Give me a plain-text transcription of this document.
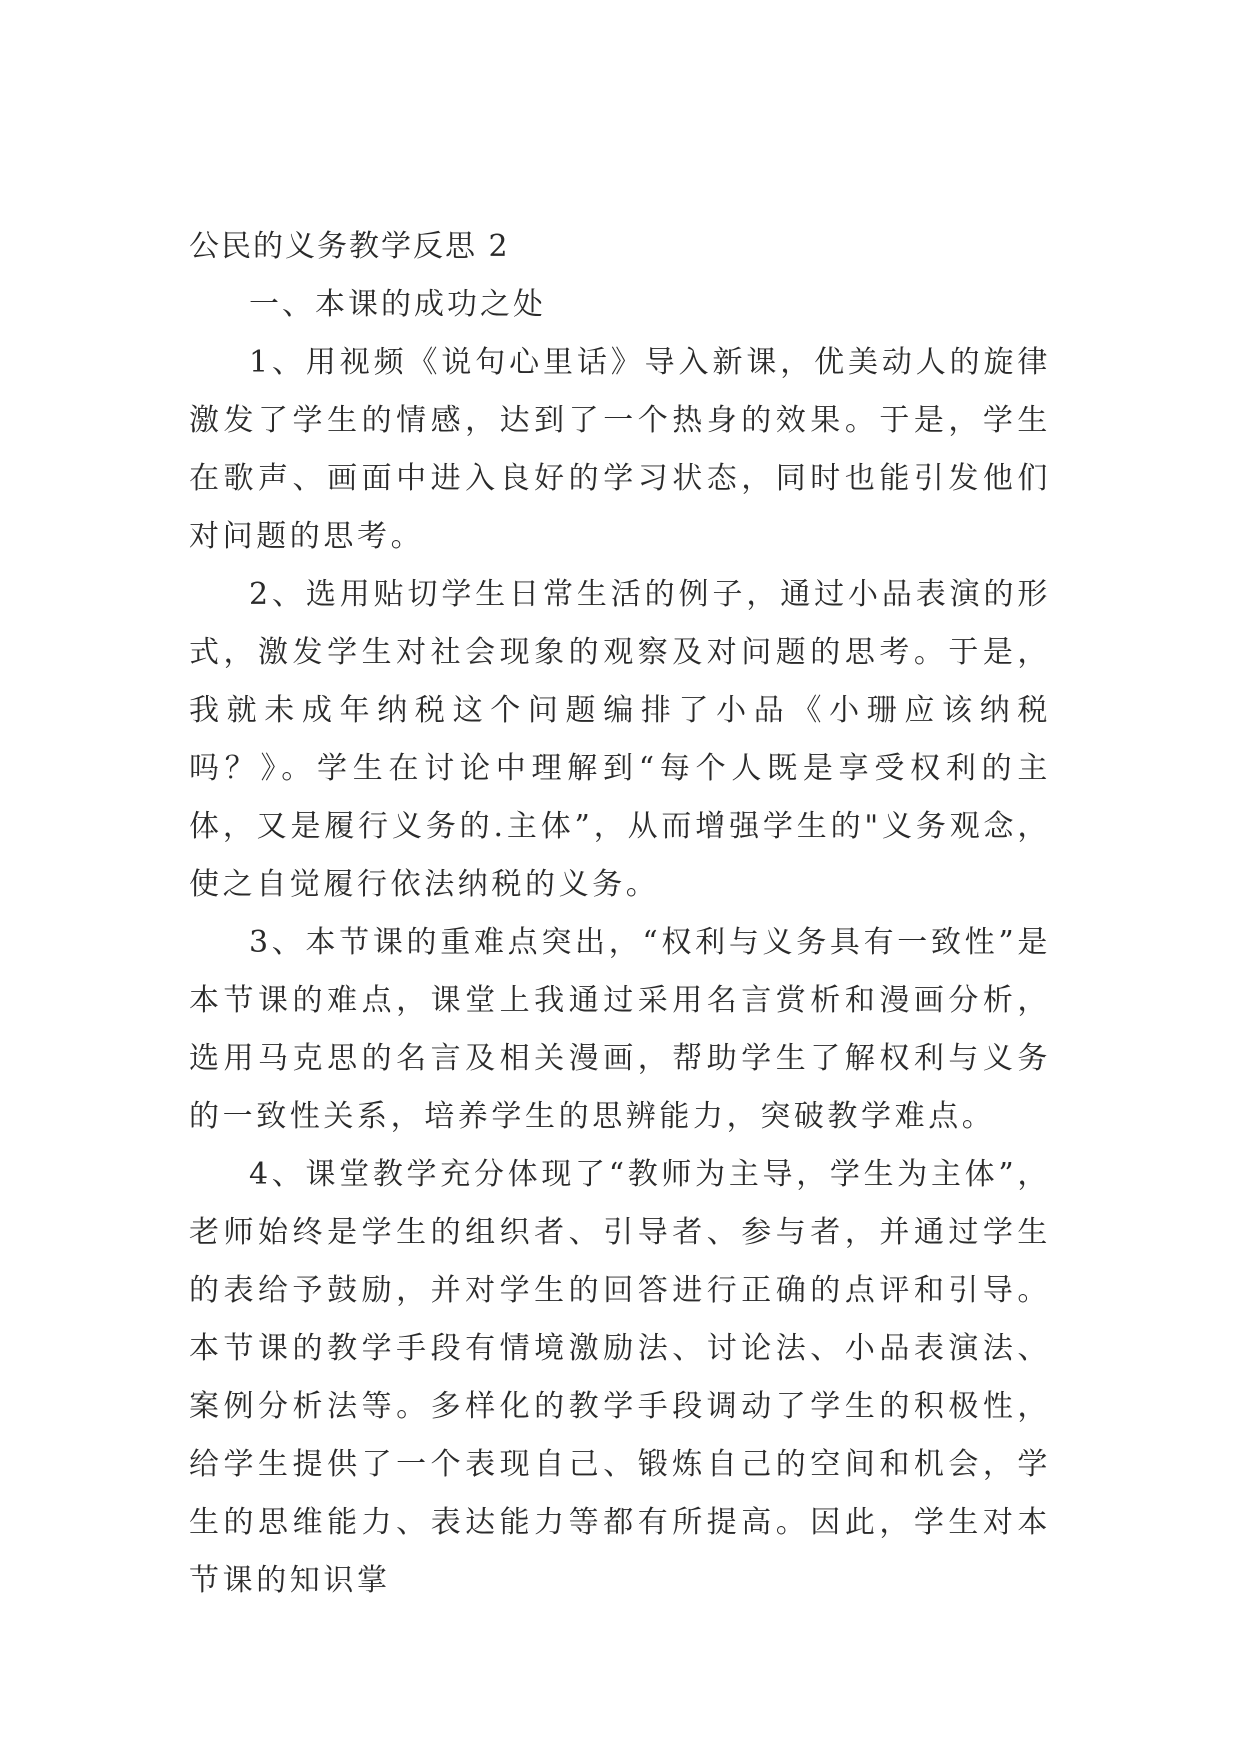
公民的义务教学反思 2

一、本课的成功之处

1、用视频《说句心里话》导入新课，优美动人的旋律激发了学生的情感，达到了一个热身的效果。于是，学生在歌声、画面中进入良好的学习状态，同时也能引发他们对问题的思考。

2、选用贴切学生日常生活的例子，通过小品表演的形式，激发学生对社会现象的观察及对问题的思考。于是，我就未成年纳税这个问题编排了小品《小珊应该纳税吗？》。学生在讨论中理解到“每个人既是享受权利的主体，又是履行义务的.主体”，从而增强学生的"义务观念，使之自觉履行依法纳税的义务。

3、本节课的重难点突出，“权利与义务具有一致性”是本节课的难点，课堂上我通过采用名言赏析和漫画分析，选用马克思的名言及相关漫画，帮助学生了解权利与义务的一致性关系，培养学生的思辨能力，突破教学难点。

4、课堂教学充分体现了“教师为主导，学生为主体”，老师始终是学生的组织者、引导者、参与者，并通过学生的表给予鼓励，并对学生的回答进行正确的点评和引导。本节课的教学手段有情境激励法、讨论法、小品表演法、案例分析法等。多样化的教学手段调动了学生的积极性，给学生提供了一个表现自己、锻炼自己的空间和机会，学生的思维能力、表达能力等都有所提高。因此，学生对本节课的知识掌
